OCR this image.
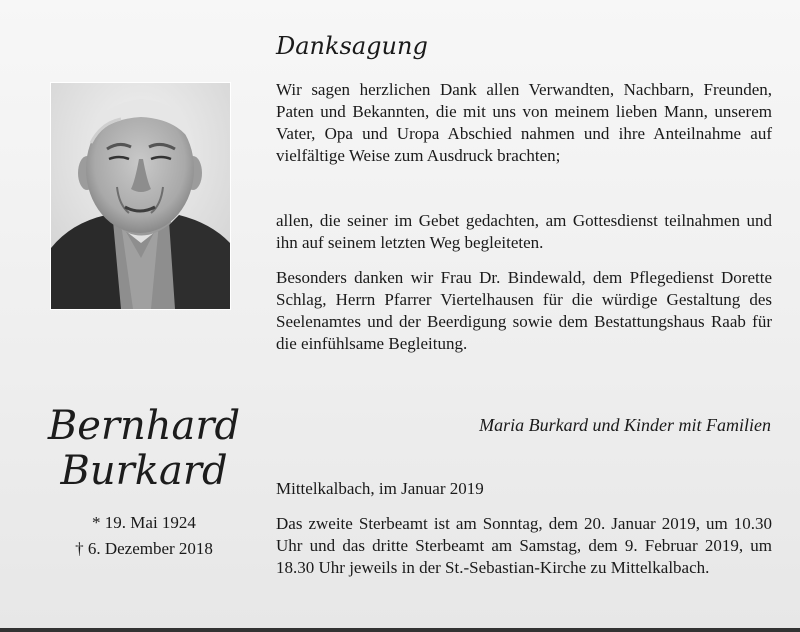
Bernhard
Burkard
* 19. Mai 1924
† 6. Dezember 2018
Danksagung

Wir sagen herzlichen Dank allen Verwandten, Nachbarn, Freunden, Paten und Bekannten, die mit uns von meinem lieben Mann, unserem Vater, Opa und Uropa Abschied nahmen und ihre Anteilnahme auf vielfältige Weise zum Ausdruck brachten;

allen, die seiner im Gebet gedachten, am Gottesdienst teilnahmen und ihn auf seinem letzten Weg begleiteten.

Besonders danken wir Frau Dr. Bindewald, dem Pflegedienst Dorette Schlag, Herrn Pfarrer Viertelhausen für die würdige Gestaltung des Seelenamtes und der Beerdigung sowie dem Bestattungshaus Raab für die einfühlsame Begleitung.

Maria Burkard und Kinder mit Familien

Mittelkalbach, im Januar 2019

Das zweite Sterbeamt ist am Sonntag, dem 20. Januar 2019, um 10.30 Uhr und das dritte Sterbeamt am Samstag, dem 9. Februar 2019, um 18.30 Uhr jeweils in der St.-Sebastian-Kirche zu Mittelkalbach.
